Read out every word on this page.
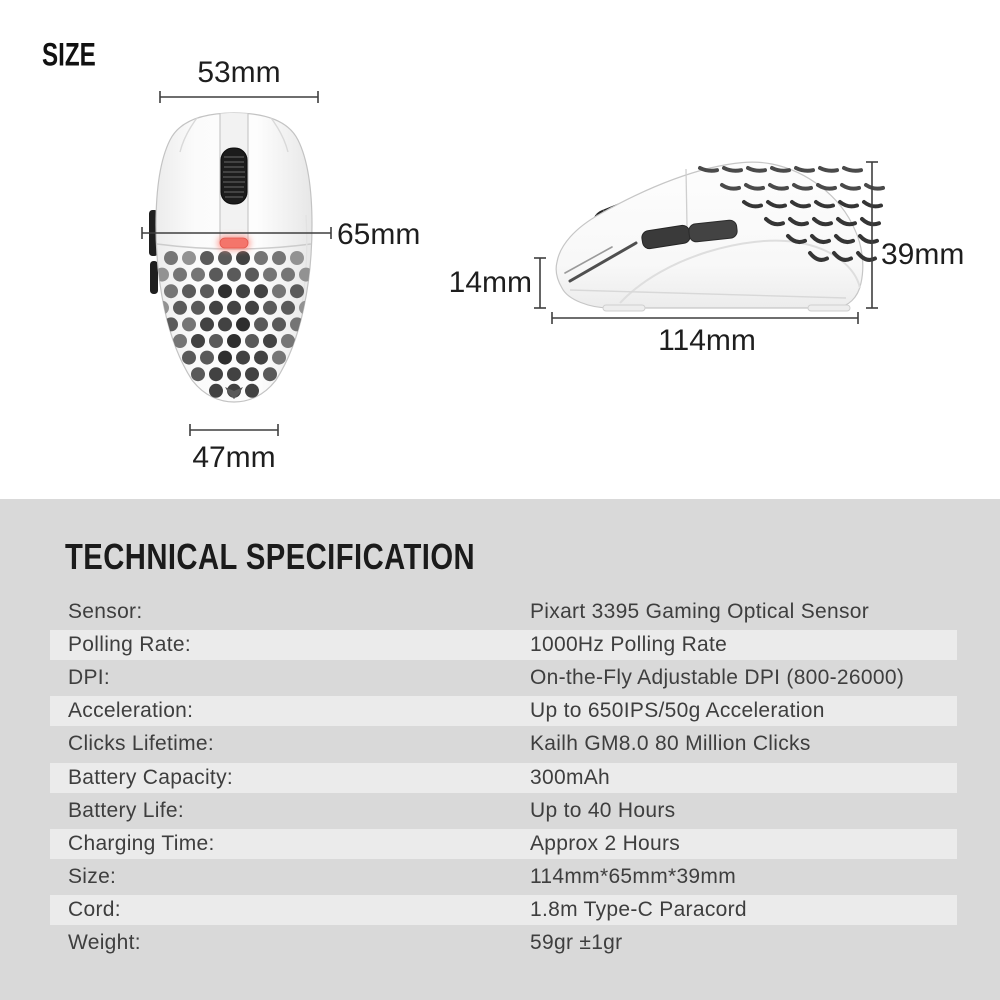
SIZE	53mm
65mm
47mm
14mm
39mm
114mm
TECHNICAL SPECIFICATION
Sensor:	Pixart 3395 Gaming Optical Sensor
Polling Rate:	1000Hz Polling Rate
DPI:	On-the-Fly Adjustable DPI (800-26000)
Acceleration:	Up to 650IPS/50g Acceleration
Clicks Lifetime:	Kailh GM8.0 80 Million Clicks
Battery Capacity:	300mAh
Battery Life:	Up to 40 Hours
Charging Time:	Approx 2 Hours
Size:	114mm*65mm*39mm
Cord:	1.8m Type-C Paracord
Weight:	59gr ±1gr
